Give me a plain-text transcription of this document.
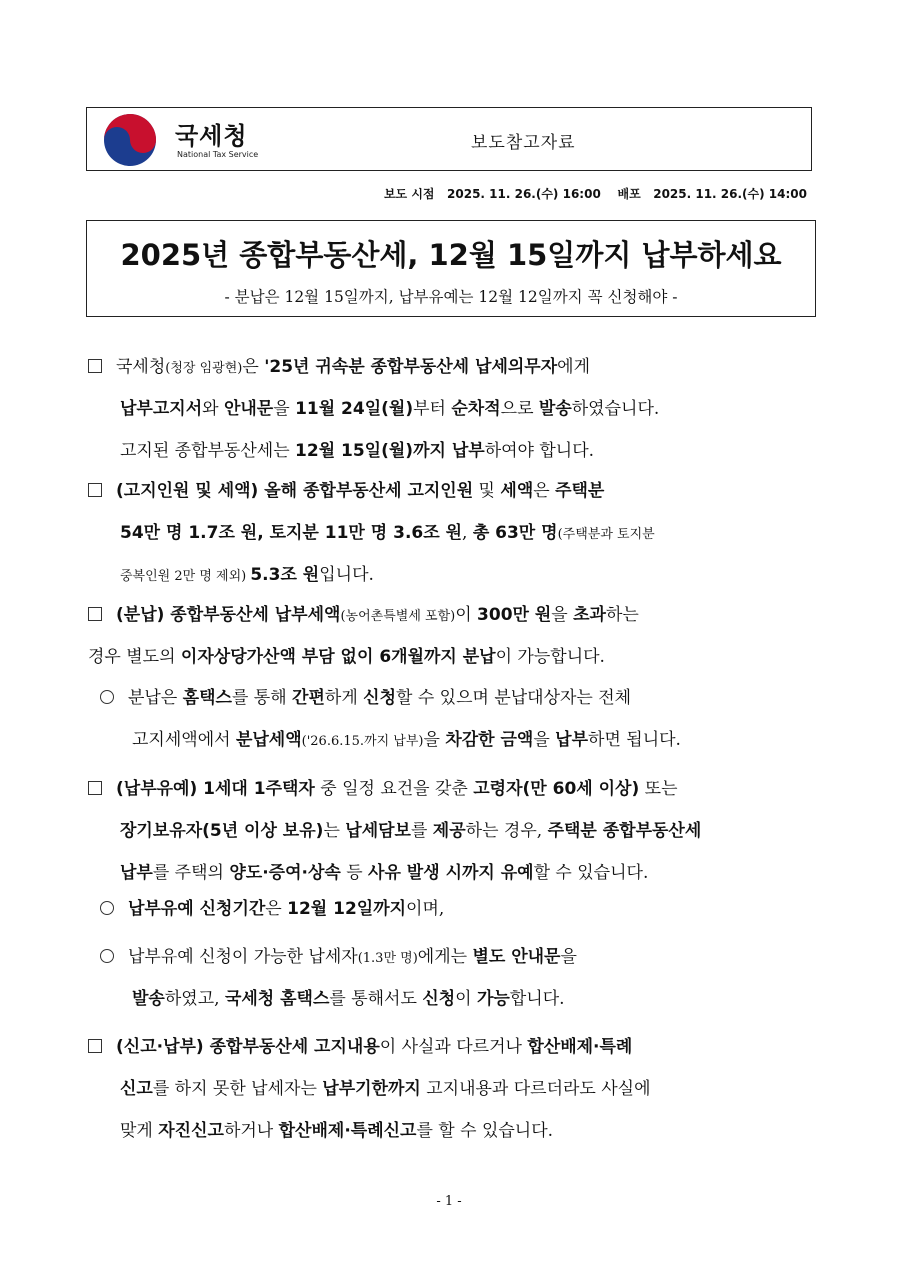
국세청
National Tax Service
보도참고자료
보도 시점   2025. 11. 26.(수) 16:00    배포   2025. 11. 26.(수) 14:00
2025년 종합부동산세, 12월 15일까지 납부하세요
- 분납은 12월 15일까지, 납부유예는 12월 12일까지 꼭 신청해야 -
국세청(청장 임광현)은 '25년 귀속분 종합부동산세 납세의무자에게
납부고지서와 안내문을 11월 24일(월)부터 순차적으로 발송하였습니다.
고지된 종합부동산세는 12월 15일(월)까지 납부하여야 합니다.
(고지인원 및 세액) 올해 종합부동산세 고지인원 및 세액은 주택분
54만 명 1.7조 원, 토지분 11만 명 3.6조 원, 총 63만 명(주택분과 토지분
중복인원 2만 명 제외) 5.3조 원입니다.
(분납) 종합부동산세 납부세액(농어촌특별세 포함)이 300만 원을 초과하는
경우 별도의 이자상당가산액 부담 없이 6개월까지 분납이 가능합니다.
분납은 홈택스를 통해 간편하게 신청할 수 있으며 분납대상자는 전체
고지세액에서 분납세액('26.6.15.까지 납부)을 차감한 금액을 납부하면 됩니다.
(납부유예) 1세대 1주택자 중 일정 요건을 갖춘 고령자(만 60세 이상) 또는
장기보유자(5년 이상 보유)는 납세담보를 제공하는 경우, 주택분 종합부동산세
납부를 주택의 양도·증여·상속 등 사유 발생 시까지 유예할 수 있습니다.
납부유예 신청기간은 12월 12일까지이며,
납부유예 신청이 가능한 납세자(1.3만 명)에게는 별도 안내문을
발송하였고, 국세청 홈택스를 통해서도 신청이 가능합니다.
(신고·납부) 종합부동산세 고지내용이 사실과 다르거나 합산배제·특례
신고를 하지 못한 납세자는 납부기한까지 고지내용과 다르더라도 사실에
맞게 자진신고하거나 합산배제·특례신고를 할 수 있습니다.
- 1 -
